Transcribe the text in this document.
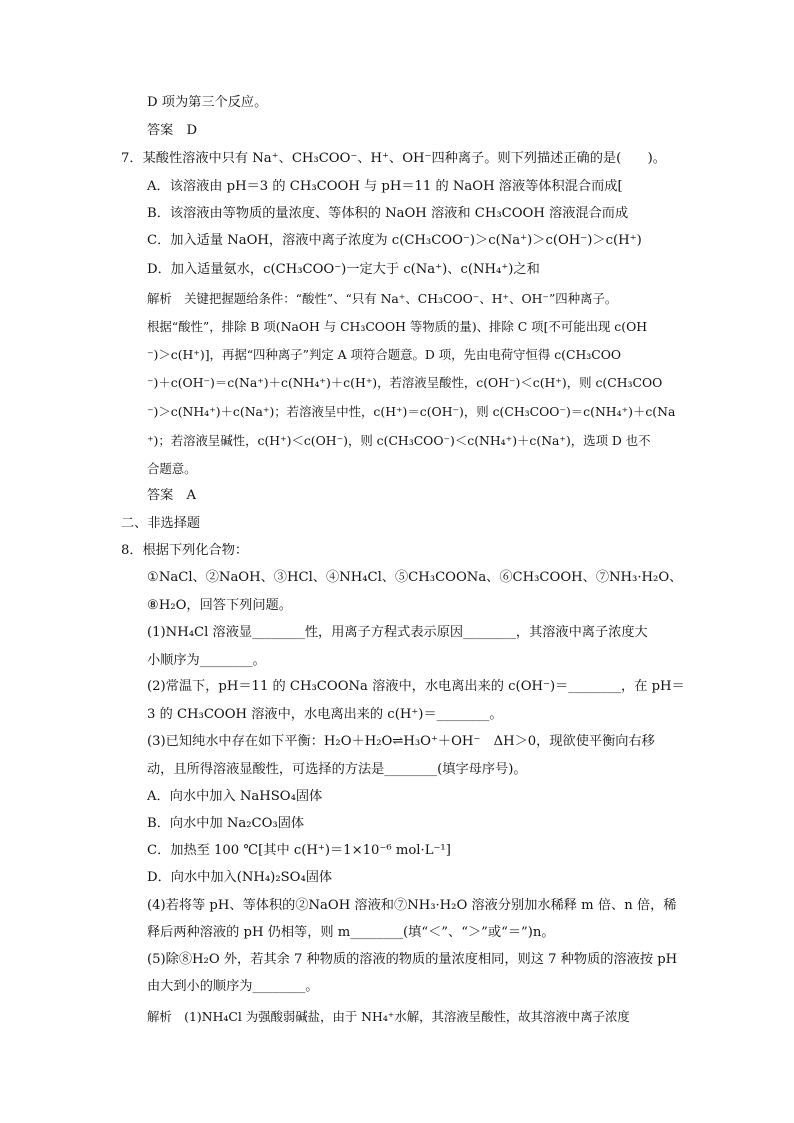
D 项为第三个反应。
答案　D
7．某酸性溶液中只有 Na⁺、CH₃COO⁻、H⁺、OH⁻四种离子。则下列描述正确的是(　　)。
A．该溶液由 pH＝3 的 CH₃COOH 与 pH＝11 的 NaOH 溶液等体积混合而成[
B．该溶液由等物质的量浓度、等体积的 NaOH 溶液和 CH₃COOH 溶液混合而成
C．加入适量 NaOH，溶液中离子浓度为 c(CH₃COO⁻)＞c(Na⁺)＞c(OH⁻)＞c(H⁺)
D．加入适量氨水，c(CH₃COO⁻)一定大于 c(Na⁺)、c(NH₄⁺)之和
解析　关键把握题给条件：“酸性”、“只有 Na⁺、CH₃COO⁻、H⁺、OH⁻”四种离子。
根据“酸性”，排除 B 项(NaOH 与 CH₃COOH 等物质的量)、排除 C 项[不可能出现 c(OH
⁻)＞c(H⁺)]，再据“四种离子”判定 A 项符合题意。D 项，先由电荷守恒得 c(CH₃COO
⁻)＋c(OH⁻)＝c(Na⁺)＋c(NH₄⁺)＋c(H⁺)，若溶液呈酸性，c(OH⁻)＜c(H⁺)，则 c(CH₃COO
⁻)＞c(NH₄⁺)＋c(Na⁺)；若溶液呈中性，c(H⁺)＝c(OH⁻)，则 c(CH₃COO⁻)＝c(NH₄⁺)＋c(Na
⁺)；若溶液呈碱性，c(H⁺)＜c(OH⁻)，则 c(CH₃COO⁻)＜c(NH₄⁺)＋c(Na⁺)，选项 D 也不
合题意。
答案　A
二、非选择题
8．根据下列化合物：
①NaCl、②NaOH、③HCl、④NH₄Cl、⑤CH₃COONa、⑥CH₃COOH、⑦NH₃·H₂O、
⑧H₂O，回答下列问题。
(1)NH₄Cl 溶液显________性，用离子方程式表示原因________，其溶液中离子浓度大
小顺序为________。
(2)常温下，pH＝11 的 CH₃COONa 溶液中，水电离出来的 c(OH⁻)＝________，在 pH＝
3 的 CH₃COOH 溶液中，水电离出来的 c(H⁺)＝________。
(3)已知纯水中存在如下平衡：H₂O＋H₂O⇌H₃O⁺＋OH⁻　ΔH＞0，现欲使平衡向右移
动，且所得溶液显酸性，可选择的方法是________(填字母序号)。
A．向水中加入 NaHSO₄固体
B．向水中加 Na₂CO₃固体
C．加热至 100 ℃[其中 c(H⁺)＝1×10⁻⁶ mol·L⁻¹]
D．向水中加入(NH₄)₂SO₄固体
(4)若将等 pH、等体积的②NaOH 溶液和⑦NH₃·H₂O 溶液分别加水稀释 m 倍、n 倍，稀
释后两种溶液的 pH 仍相等，则 m________(填“＜”、“＞”或“＝”)n。
(5)除⑧H₂O 外，若其余 7 种物质的溶液的物质的量浓度相同，则这 7 种物质的溶液按 pH
由大到小的顺序为________。
解析　(1)NH₄Cl 为强酸弱碱盐，由于 NH₄⁺水解，其溶液呈酸性，故其溶液中离子浓度
